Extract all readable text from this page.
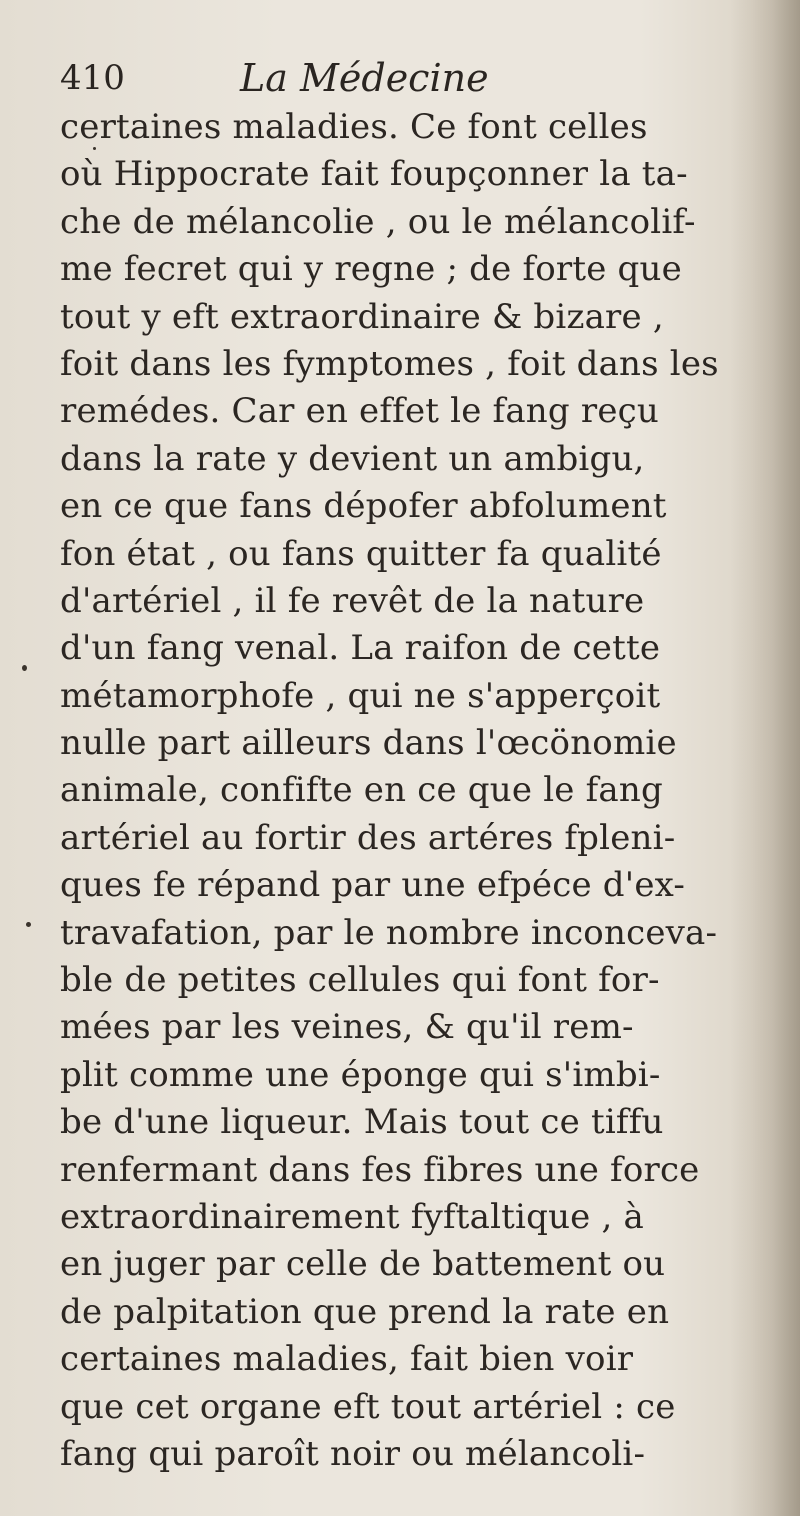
410	La Médecine
certaines maladies. Ce font celles
où Hippocrate fait foupçonner la ta-
che de mélancolie , ou le mélancolif-
me fecret qui y regne ; de forte que
tout y eft extraordinaire & bizare ,
foit dans les fymptomes , foit dans les
remédes. Car en effet le fang reçu
dans la rate y devient un ambigu,
en ce que fans dépofer abfolument
fon état , ou fans quitter fa qualité
d'artériel , il fe revêt de la nature
d'un fang venal. La raifon de cette
métamorphofe , qui ne s'apperçoit
nulle part ailleurs dans l'œcönomie
animale, confifte en ce que le fang
artériel au fortir des artéres fpleni-
ques fe répand par une efpéce d'ex-
travafation, par le nombre inconceva-
ble de petites cellules qui font for-
mées par les veines, & qu'il rem-
plit comme une éponge qui s'imbi-
be d'une liqueur. Mais tout ce tiffu
renfermant dans fes fibres une force
extraordinairement fyftaltique , à
en juger par celle de battement ou
de palpitation que prend la rate en
certaines maladies, fait bien voir
que cet organe eft tout artériel : ce
fang qui paroît noir ou mélancoli-
